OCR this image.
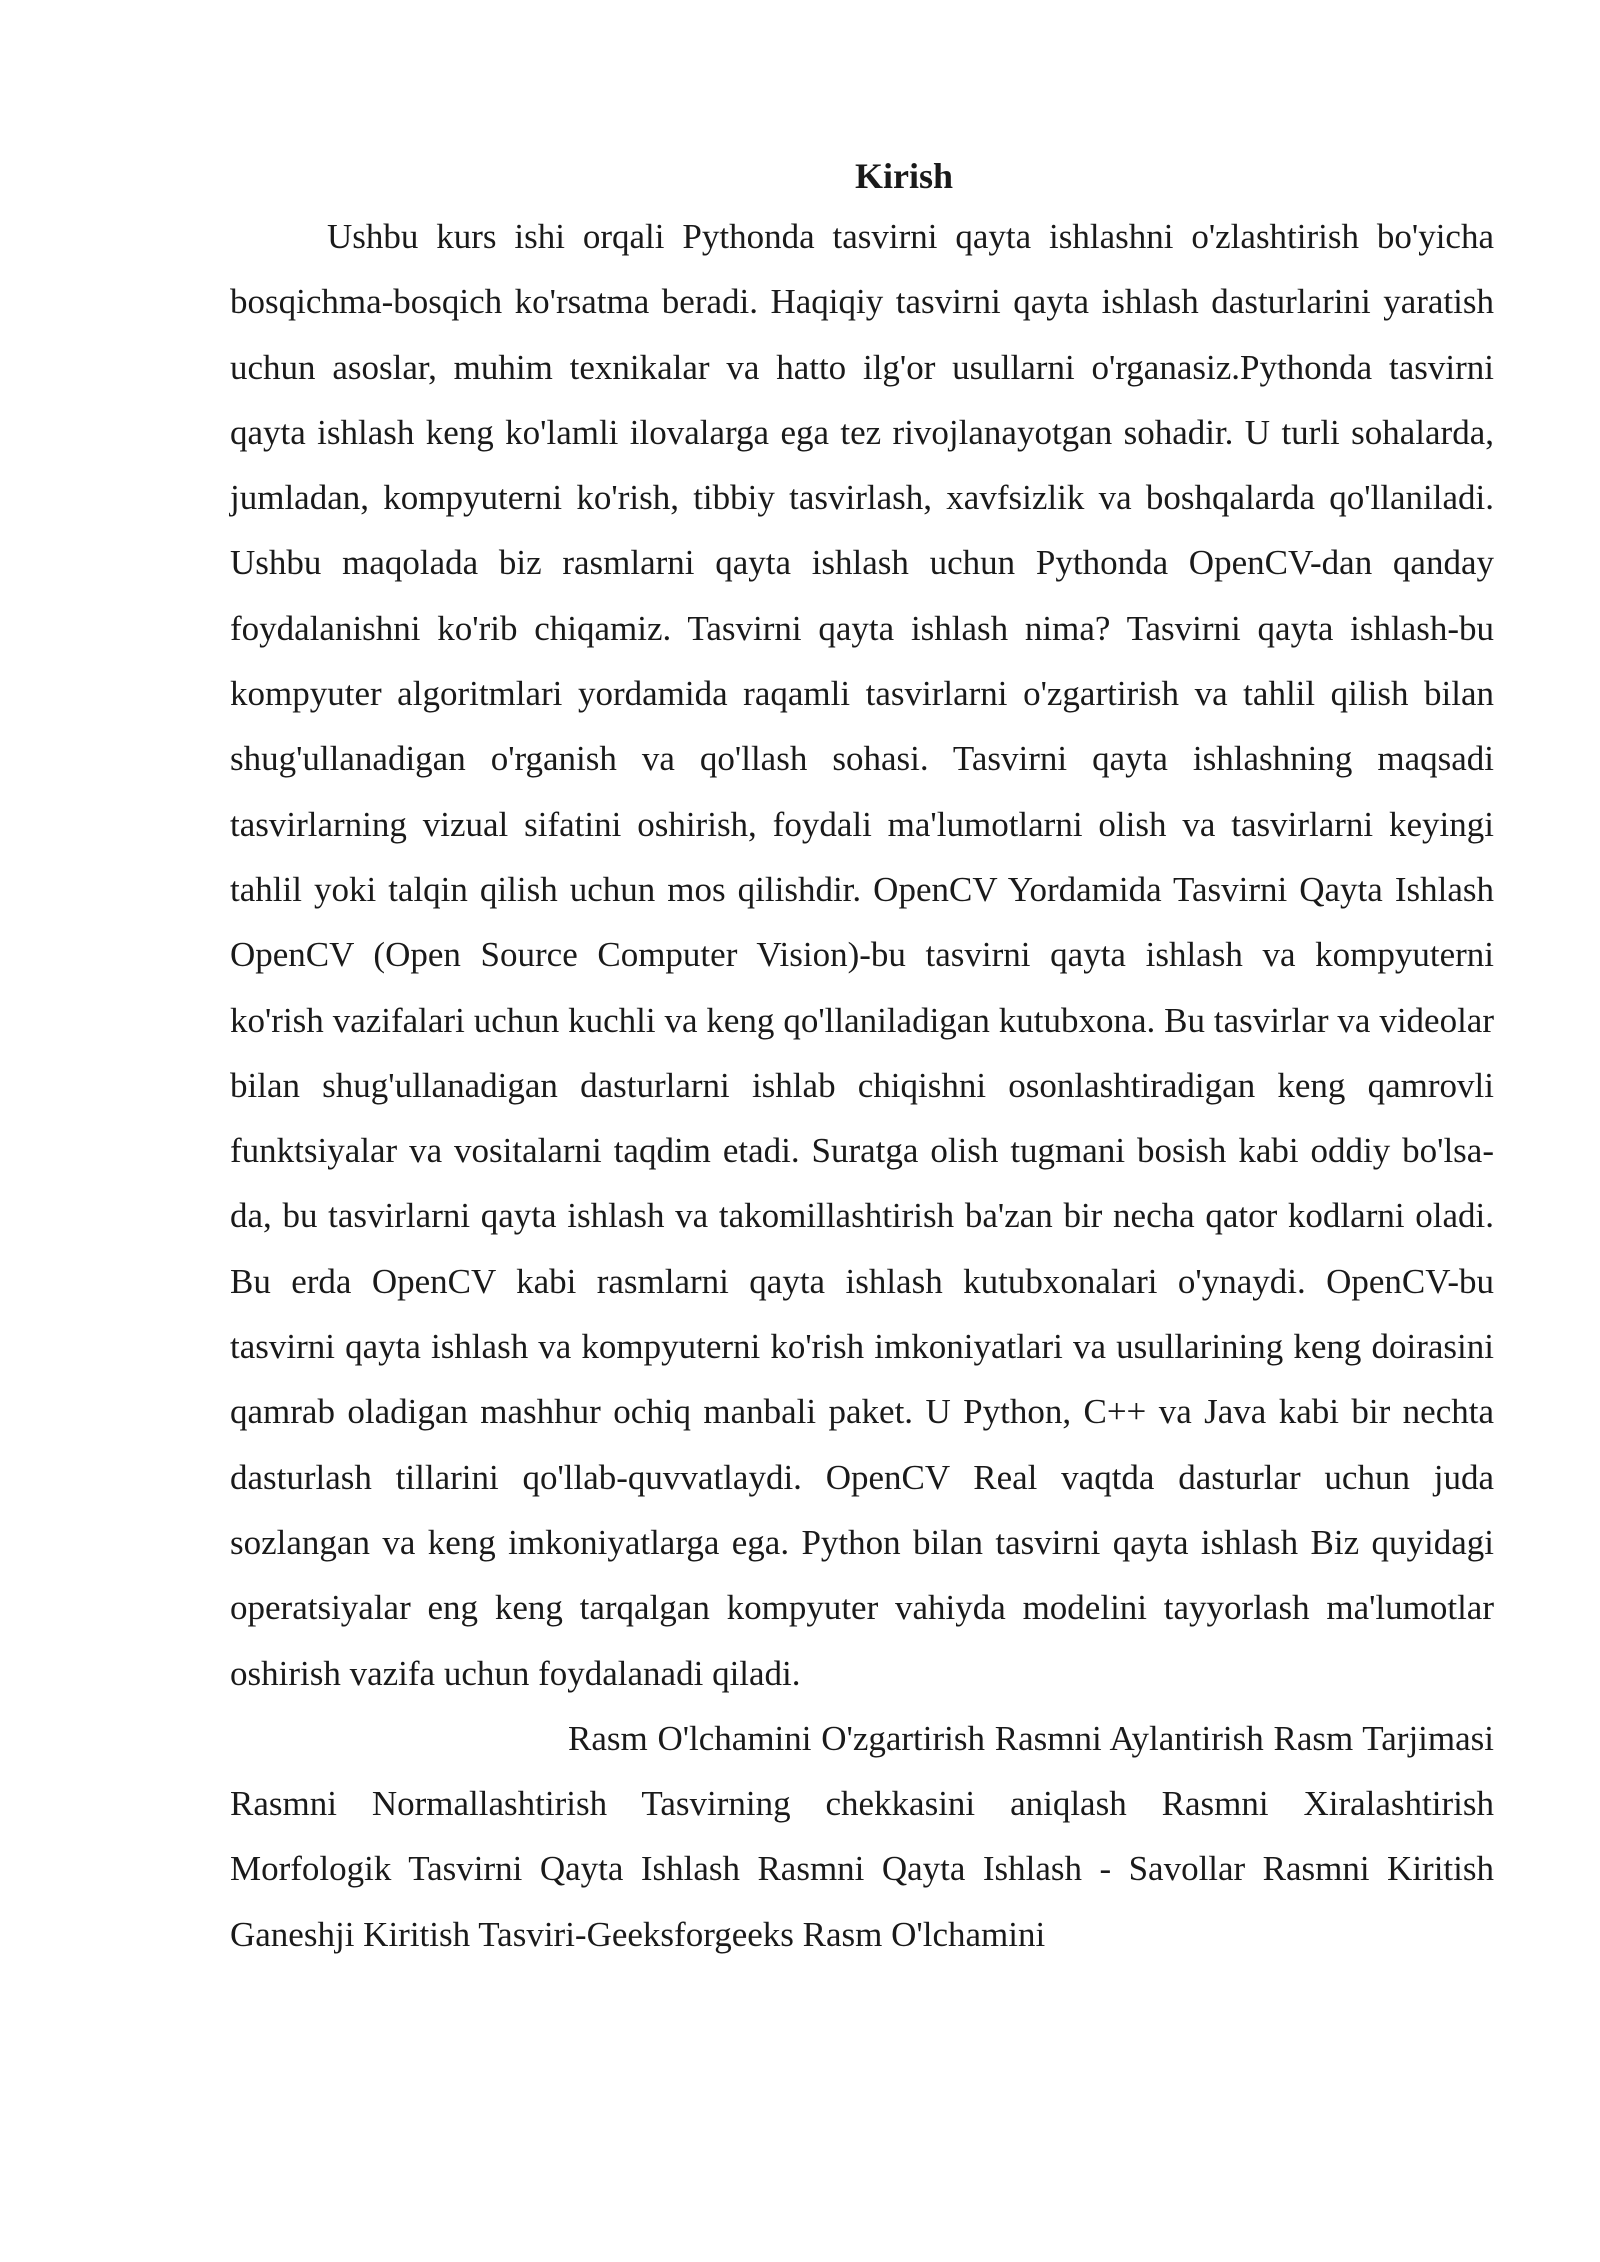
Kirish

Ushbu kurs ishi orqali Pythonda tasvirni qayta ishlashni o'zlashtirish bo'yicha bosqichma-bosqich ko'rsatma beradi. Haqiqiy tasvirni qayta ishlash dasturlarini yaratish uchun asoslar, muhim texnikalar va hatto ilg'or usullarni o'rganasiz.Pythonda tasvirni qayta ishlash keng ko'lamli ilovalarga ega tez rivojlanayotgan sohadir. U turli sohalarda, jumladan, kompyuterni ko'rish, tibbiy tasvirlash, xavfsizlik va boshqalarda qo'llaniladi. Ushbu maqolada biz rasmlarni qayta ishlash uchun Pythonda OpenCV-dan qanday foydalanishni ko'rib chiqamiz. Tasvirni qayta ishlash nima? Tasvirni qayta ishlash-bu kompyuter algoritmlari yordamida raqamli tasvirlarni o'zgartirish va tahlil qilish bilan shug'ullanadigan o'rganish va qo'llash sohasi. Tasvirni qayta ishlashning maqsadi tasvirlarning vizual sifatini oshirish, foydali ma'lumotlarni olish va tasvirlarni keyingi tahlil yoki talqin qilish uchun mos qilishdir. OpenCV Yordamida Tasvirni Qayta Ishlash OpenCV (Open Source Computer Vision)-bu tasvirni qayta ishlash va kompyuterni ko'rish vazifalari uchun kuchli va keng qo'llaniladigan kutubxona. Bu tasvirlar va videolar bilan shug'ullanadigan dasturlarni ishlab chiqishni osonlashtiradigan keng qamrovli funktsiyalar va vositalarni taqdim etadi. Suratga olish tugmani bosish kabi oddiy bo'lsa-da, bu tasvirlarni qayta ishlash va takomillashtirish ba'zan bir necha qator kodlarni oladi. Bu erda OpenCV kabi rasmlarni qayta ishlash kutubxonalari o'ynaydi. OpenCV-bu tasvirni qayta ishlash va kompyuterni ko'rish imkoniyatlari va usullarining keng doirasini qamrab oladigan mashhur ochiq manbali paket. U Python, C++ va Java kabi bir nechta dasturlash tillarini qo'llab-quvvatlaydi. OpenCV Real vaqtda dasturlar uchun juda sozlangan va keng imkoniyatlarga ega. Python bilan tasvirni qayta ishlash Biz quyidagi operatsiyalar eng keng tarqalgan kompyuter vahiyda modelini tayyorlash ma'lumotlar oshirish vazifa uchun foydalanadi qiladi.

Rasm O'lchamini O'zgartirish Rasmni Aylantirish Rasm Tarjimasi Rasmni Normallashtirish Tasvirning chekkasini aniqlash Rasmni Xiralashtirish Morfologik Tasvirni Qayta Ishlash Rasmni Qayta Ishlash - Savollar Rasmni Kiritish Ganeshji Kiritish Tasviri-Geeksforgeeks Rasm O'lchamini
